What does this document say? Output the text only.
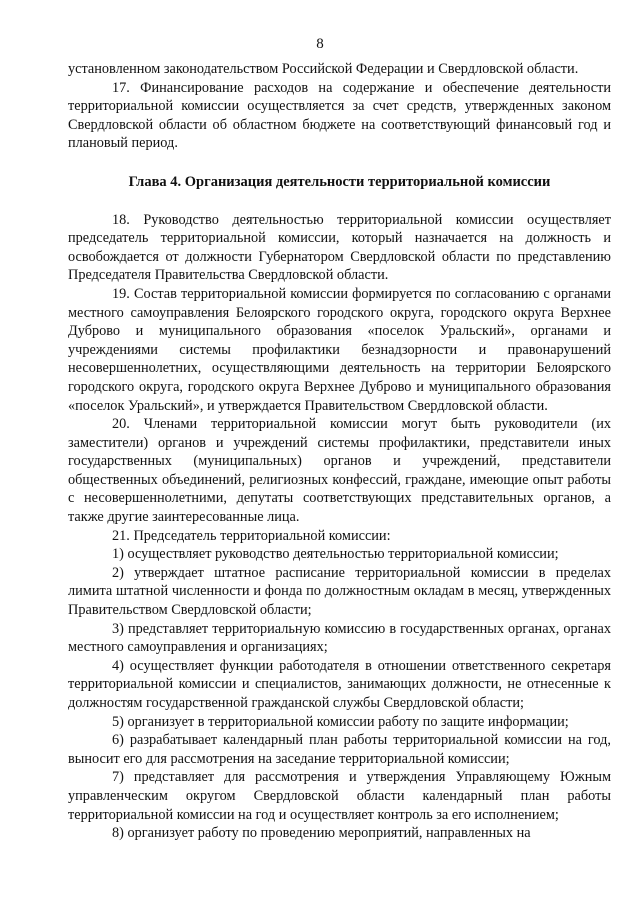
8

установленном законодательством Российской Федерации и Свердловской области.

17. Финансирование расходов на содержание и обеспечение деятельности территориальной комиссии осуществляется за счет средств, утвержденных законом Свердловской области об областном бюджете на соответствующий финансовый год и плановый период.

Глава 4. Организация деятельности территориальной комиссии

18. Руководство деятельностью территориальной комиссии осуществляет председатель территориальной комиссии, который назначается на должность и освобождается от должности Губернатором Свердловской области по представлению Председателя Правительства Свердловской области.

19. Состав территориальной комиссии формируется по согласованию с органами местного самоуправления Белоярского городского округа, городского округа Верхнее Дуброво и муниципального образования «поселок Уральский», органами и учреждениями системы профилактики безнадзорности и правонарушений несовершеннолетних, осуществляющими деятельность на территории Белоярского городского округа, городского округа Верхнее Дуброво и муниципального образования «поселок Уральский», и утверждается Правительством Свердловской области.

20. Членами территориальной комиссии могут быть руководители (их заместители) органов и учреждений системы профилактики, представители иных государственных (муниципальных) органов и учреждений, представители общественных объединений, религиозных конфессий, граждане, имеющие опыт работы с несовершеннолетними, депутаты соответствующих представительных органов, а также другие заинтересованные лица.

21. Председатель территориальной комиссии:

1) осуществляет руководство деятельностью территориальной комиссии;

2) утверждает штатное расписание территориальной комиссии в пределах лимита штатной численности и фонда по должностным окладам в месяц, утвержденных Правительством Свердловской области;

3) представляет территориальную комиссию в государственных органах, органах местного самоуправления и организациях;

4) осуществляет функции работодателя в отношении ответственного секретаря территориальной комиссии и специалистов, занимающих должности, не отнесенные к должностям государственной гражданской службы Свердловской области;

5) организует в территориальной комиссии работу по защите информации;

6) разрабатывает календарный план работы территориальной комиссии на год, выносит его для рассмотрения на заседание территориальной комиссии;

7) представляет для рассмотрения и утверждения Управляющему Южным управленческим округом Свердловской области календарный план работы территориальной комиссии на год и осуществляет контроль за его исполнением;

8) организует работу по проведению мероприятий, направленных на
